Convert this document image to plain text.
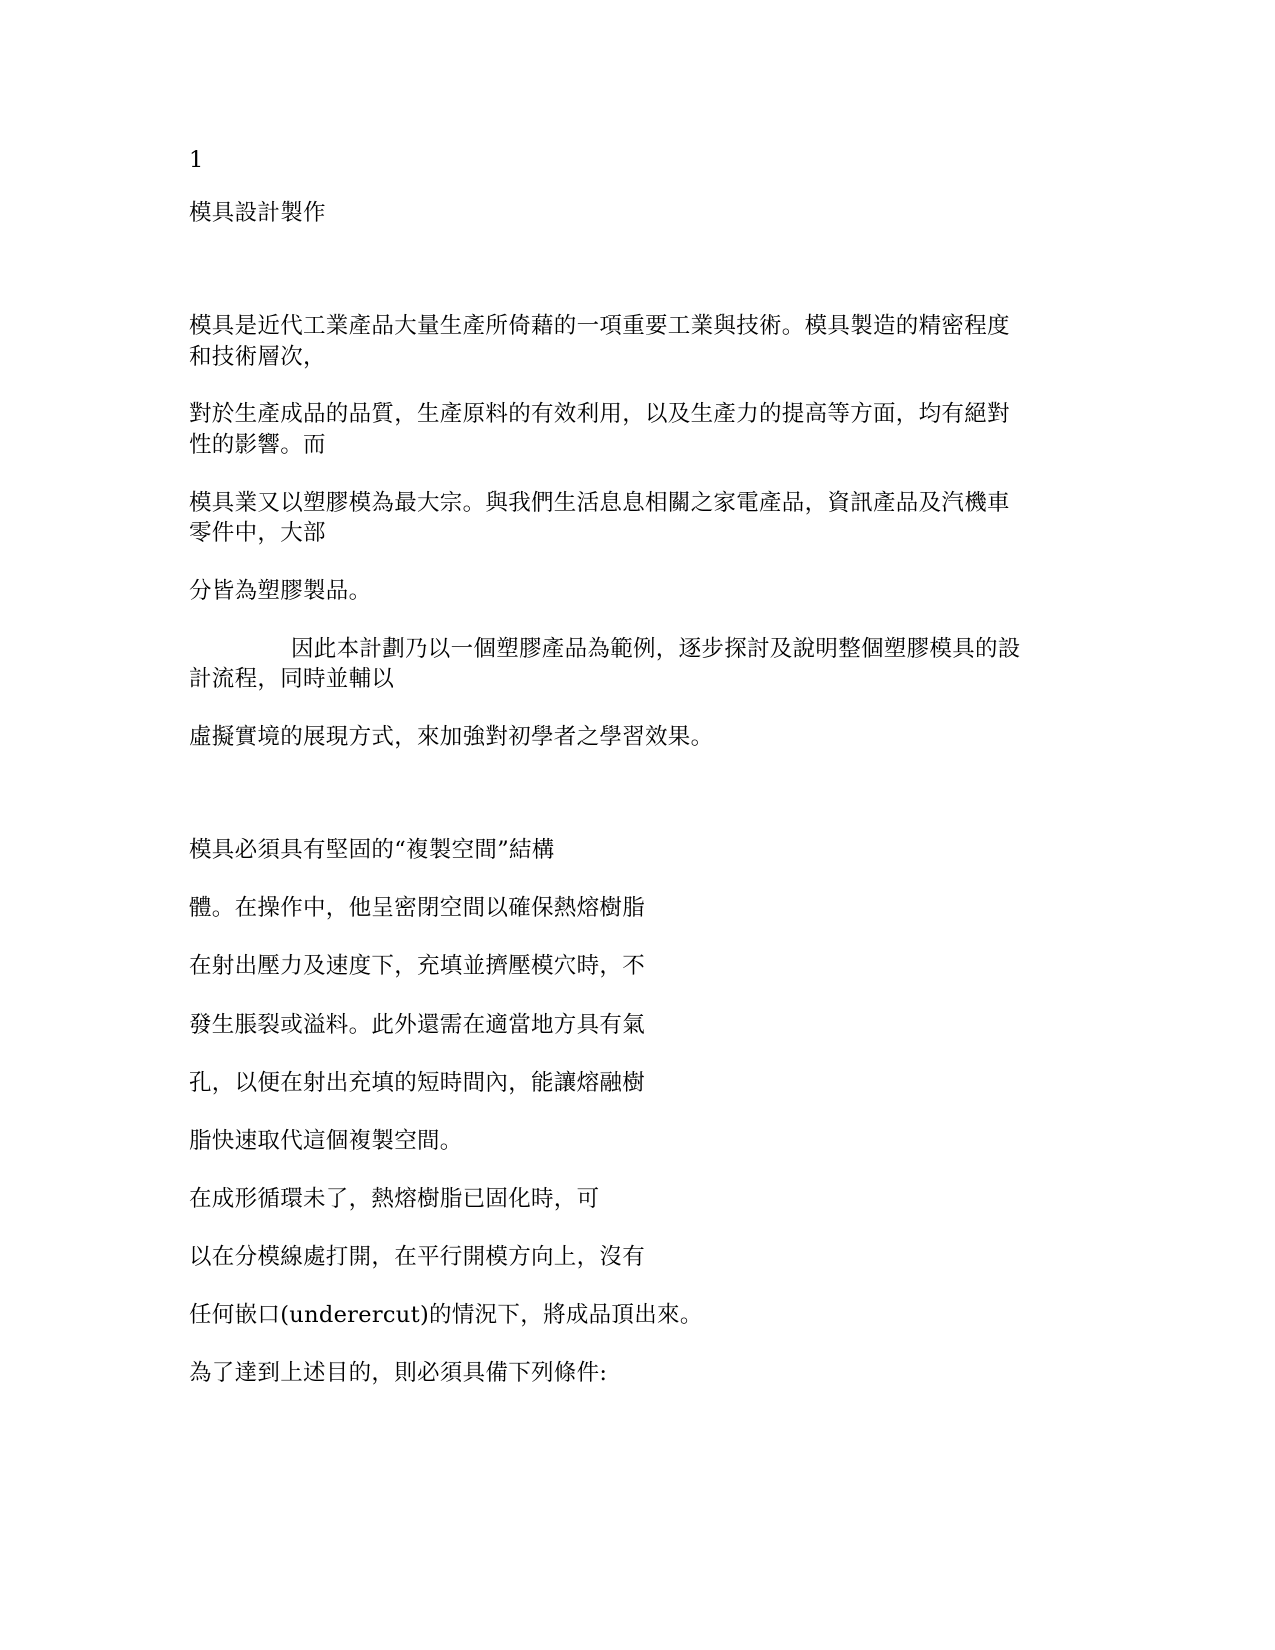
1
模具設計製作
模具是近代工業產品大量生產所倚藉的一項重要工業與技術。模具製造的精密程度
和技術層次，
對於生產成品的品質，生產原料的有效利用，以及生產力的提高等方面，均有絕對
性的影響。而
模具業又以塑膠模為最大宗。與我們生活息息相關之家電產品，資訊產品及汽機車
零件中，大部
分皆為塑膠製品。
因此本計劃乃以一個塑膠產品為範例，逐步探討及說明整個塑膠模具的設
計流程，同時並輔以
虛擬實境的展現方式，來加強對初學者之學習效果。
模具必須具有堅固的“複製空間”結構
體。在操作中，他呈密閉空間以確保熱熔樹脂
在射出壓力及速度下，充填並擠壓模穴時，不
發生脹裂或溢料。此外還需在適當地方具有氣
孔，以便在射出充填的短時間內，能讓熔融樹
脂快速取代這個複製空間。
在成形循環未了，熱熔樹脂已固化時，可
以在分模線處打開，在平行開模方向上，沒有
任何嵌口(underercut)的情況下，將成品頂出來。
為了達到上述目的，則必須具備下列條件:
